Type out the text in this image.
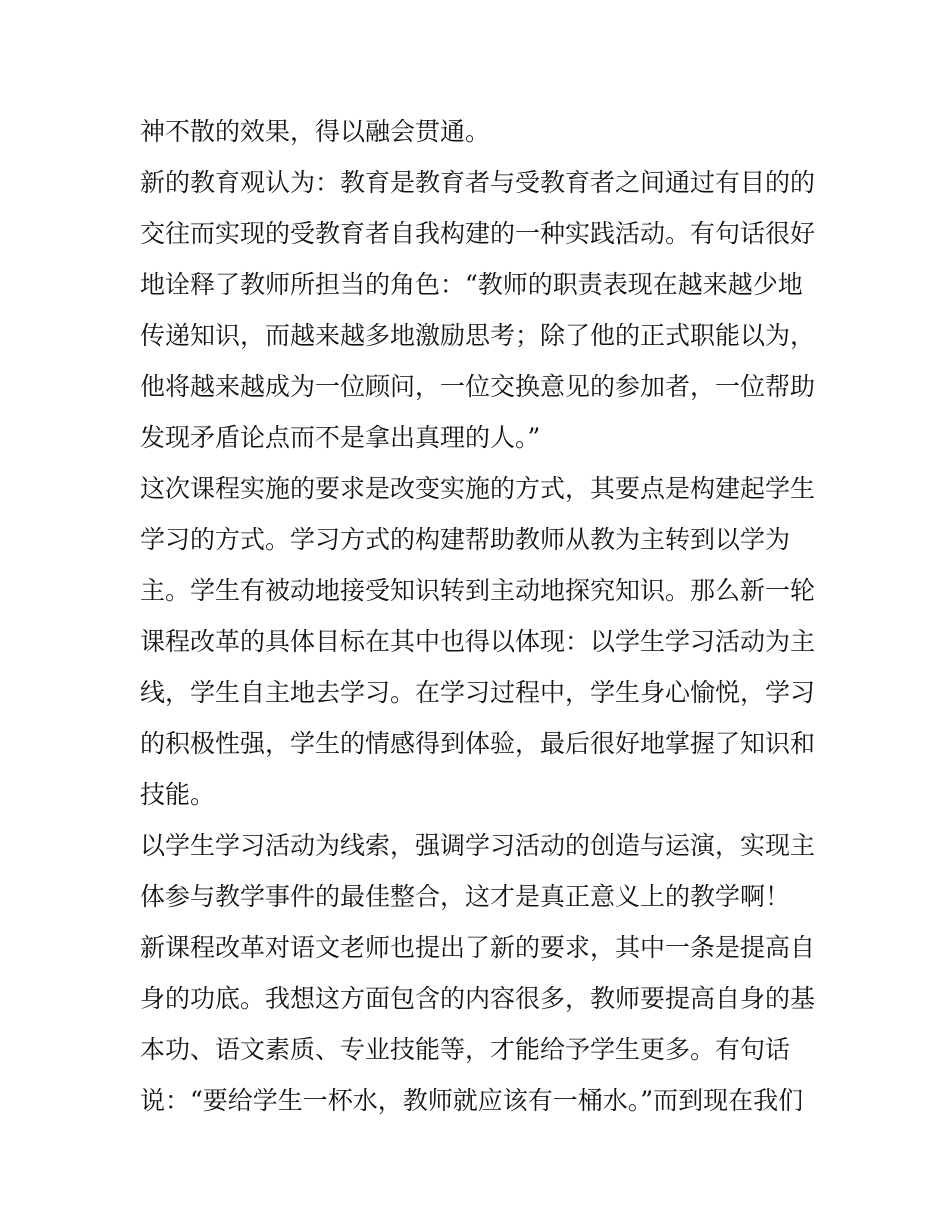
神不散的效果，得以融会贯通。
新的教育观认为：教育是教育者与受教育者之间通过有目的的
交往而实现的受教育者自我构建的一种实践活动。有句话很好
地诠释了教师所担当的角色：“教师的职责表现在越来越少地
传递知识，而越来越多地激励思考；除了他的正式职能以为，
他将越来越成为一位顾问，一位交换意见的参加者，一位帮助
发现矛盾论点而不是拿出真理的人。”
这次课程实施的要求是改变实施的方式，其要点是构建起学生
学习的方式。学习方式的构建帮助教师从教为主转到以学为
主。学生有被动地接受知识转到主动地探究知识。那么新一轮
课程改革的具体目标在其中也得以体现：以学生学习活动为主
线，学生自主地去学习。在学习过程中，学生身心愉悦，学习
的积极性强，学生的情感得到体验，最后很好地掌握了知识和
技能。
以学生学习活动为线索，强调学习活动的创造与运演，实现主
体参与教学事件的最佳整合，这才是真正意义上的教学啊！
新课程改革对语文老师也提出了新的要求，其中一条是提高自
身的功底。我想这方面包含的内容很多，教师要提高自身的基
本功、语文素质、专业技能等，才能给予学生更多。有句话
说：“要给学生一杯水，教师就应该有一桶水。”而到现在我们
